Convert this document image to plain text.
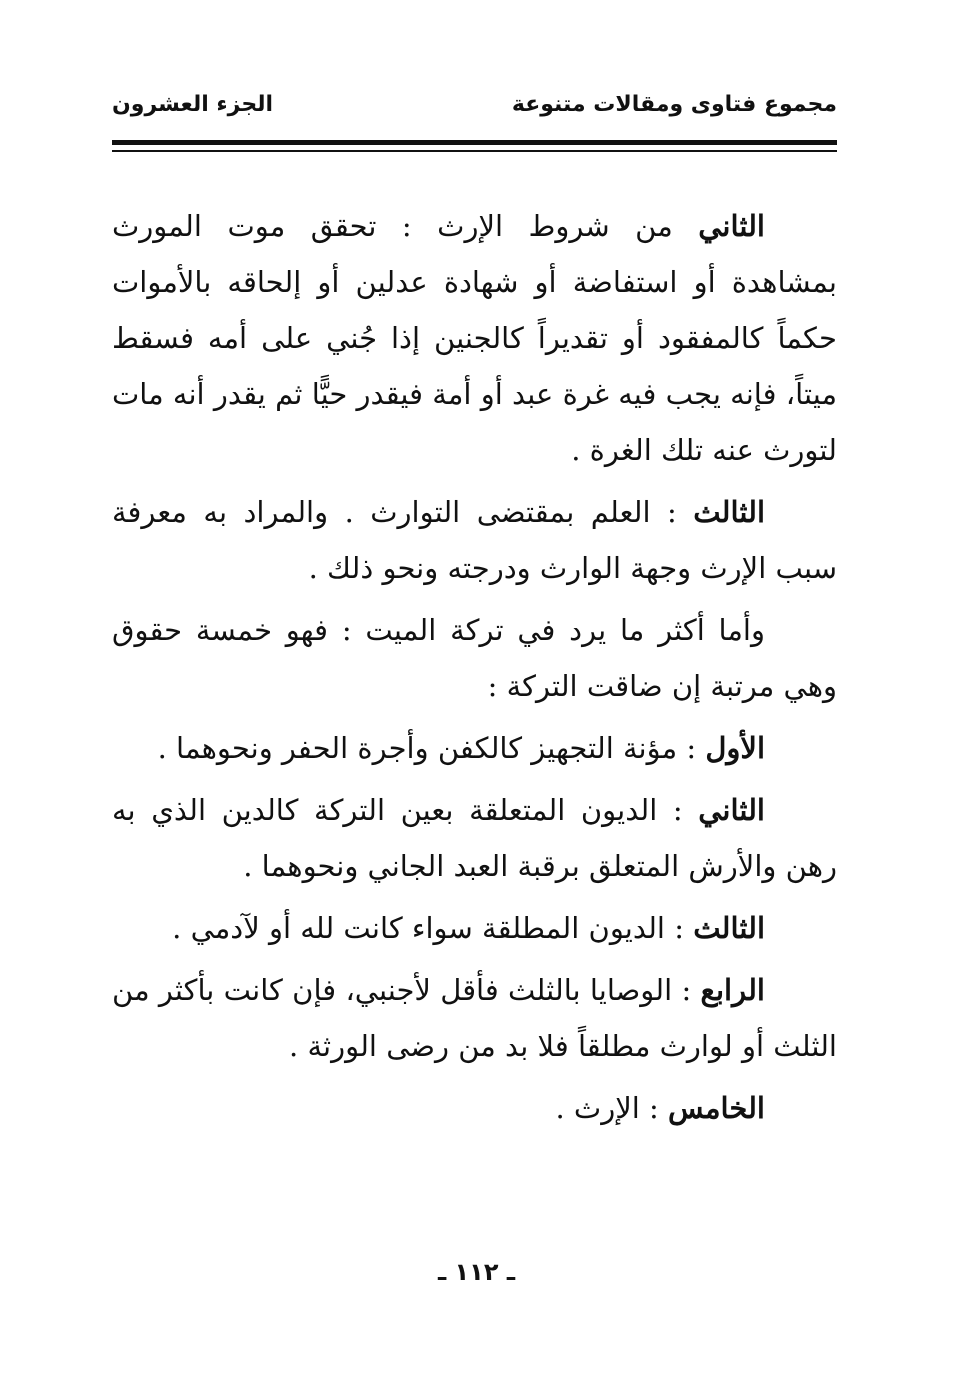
مجموع فتاوى ومقالات متنوعة
الجزء العشرون

الثاني من شروط الإرث : تحقق موت المورث بمشاهدة أو استفاضة أو شهادة عدلين أو إلحاقه بالأموات حكماً كالمفقود أو تقديراً كالجنين إذا جُني على أمه فسقط ميتاً، فإنه يجب فيه غرة عبد أو أمة فيقدر حيًّا ثم يقدر أنه مات لتورث عنه تلك الغرة .

الثالث : العلم بمقتضى التوارث . والمراد به معرفة سبب الإرث وجهة الوارث ودرجته ونحو ذلك .

وأما أكثر ما يرد في تركة الميت : فهو خمسة حقوق وهي مرتبة إن ضاقت التركة :

الأول : مؤنة التجهيز كالكفن وأجرة الحفر ونحوهما .

الثاني : الديون المتعلقة بعين التركة كالدين الذي به رهن والأرش المتعلق برقبة العبد الجاني ونحوهما .

الثالث : الديون المطلقة سواء كانت لله أو لآدمي .

الرابع : الوصايا بالثلث فأقل لأجنبي، فإن كانت بأكثر من الثلث أو لوارث مطلقاً فلا بد من رضى الورثة .

الخامس : الإرث .

ـ ١١٢ ـ
